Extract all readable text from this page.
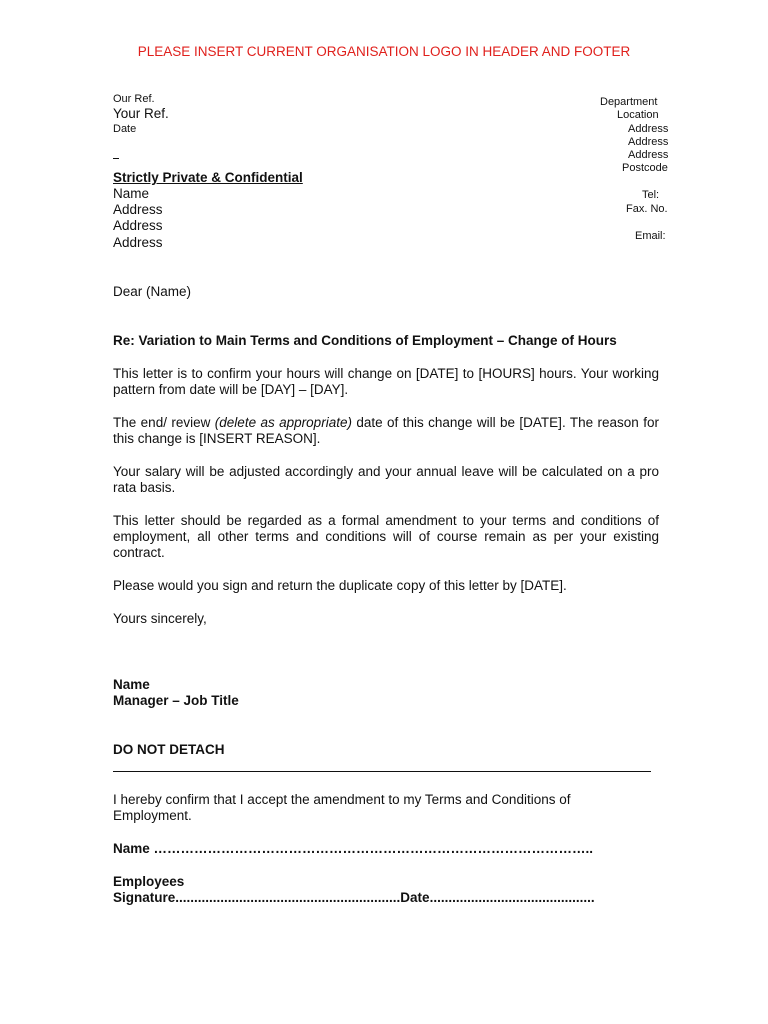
PLEASE INSERT CURRENT ORGANISATION LOGO IN HEADER AND FOOTER
Our Ref.
Your Ref.
Date
Department
Location
Address
Address
Address
Postcode
Tel:
Fax. No.
Email:
Strictly Private & Confidential
Name
Address
Address
Address
Dear (Name)
Re: Variation to Main Terms and Conditions of Employment – Change of Hours
This letter is to confirm your hours will change on [DATE] to [HOURS] hours. Your working pattern from date will be [DAY] – [DAY].
The end/ review (delete as appropriate) date of this change will be [DATE]. The reason for this change is [INSERT REASON].
Your salary will be adjusted accordingly and your annual leave will be calculated on a pro rata basis.
This letter should be regarded as a formal amendment to your terms and conditions of employment, all other terms and conditions will of course remain as per your existing contract.
Please would you sign and return the duplicate copy of this letter by [DATE].
Yours sincerely,
Name
Manager – Job Title
DO NOT DETACH
I hereby confirm that I accept the amendment to my Terms and Conditions of Employment.
Name ……………………………………………………………………………………..
Employees
Signature............................................................Date............................................
